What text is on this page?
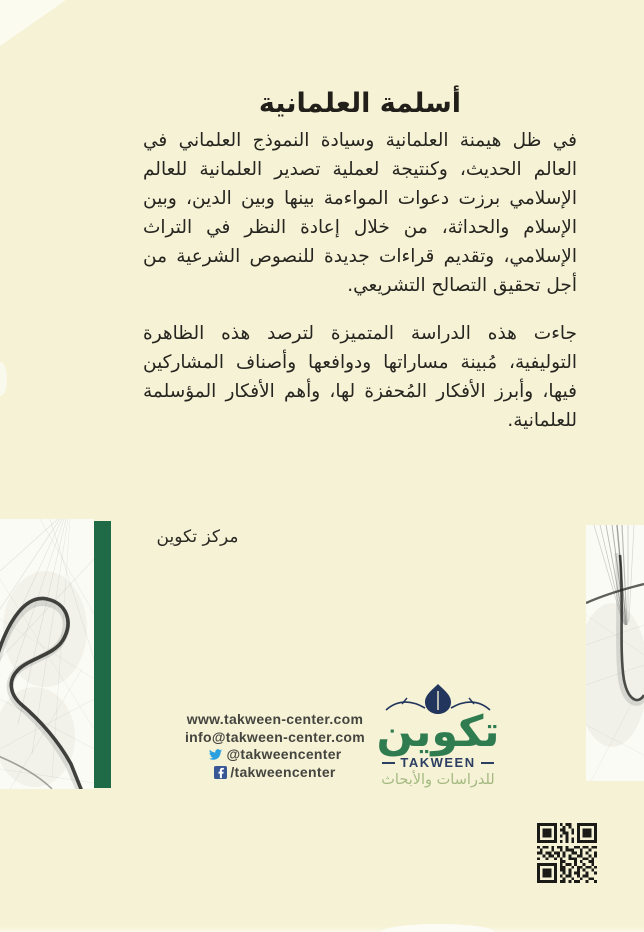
أسلمة العلمانية

في ظل هيمنة العلمانية وسيادة النموذج العلماني في العالم الحديث، وكنتيجة لعملية تصدير العلمانية للعالم الإسلامي برزت دعوات المواءمة بينها وبين الدين، وبين الإسلام والحداثة، من خلال إعادة النظر في التراث الإسلامي، وتقديم قراءات جديدة للنصوص الشرعية من أجل تحقيق التصالح التشريعي.

جاءت هذه الدراسة المتميزة لترصد هذه الظاهرة التوليفية، مُبينة مساراتها ودوافعها وأصناف المشاركين فيها، وأبرز الأفكار المُحفزة لها، وأهم الأفكار المؤسلمة للعلمانية.

مركز تكوين
www.takween-center.com
info@takween-center.com
@takweencenter
/takweencenter
تكوين
TAKWEEN
للدراسات والأبحاث
